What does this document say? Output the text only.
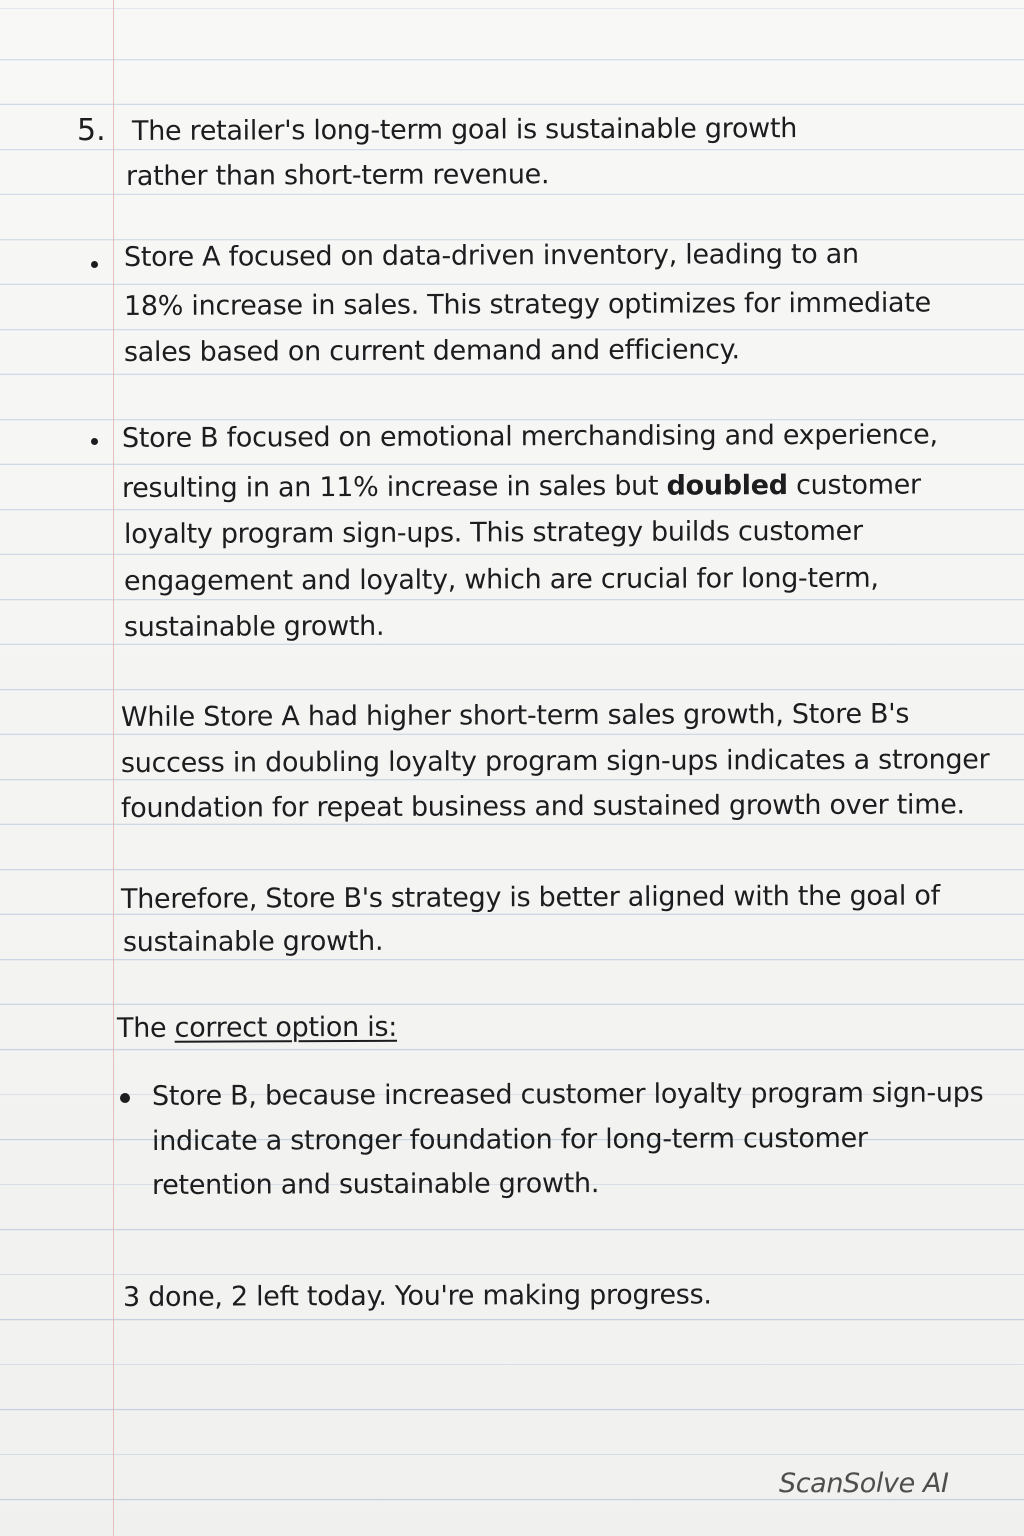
5. The retailer's long-term goal is sustainable growth
rather than short-term revenue.
Store A focused on data-driven inventory, leading to an
18% increase in sales. This strategy optimizes for immediate
sales based on current demand and efficiency.
Store B focused on emotional merchandising and experience,
resulting in an 11% increase in sales but doubled customer
loyalty program sign-ups. This strategy builds customer
engagement and loyalty, which are crucial for long-term,
sustainable growth.
While Store A had higher short-term sales growth, Store B's
success in doubling loyalty program sign-ups indicates a stronger
foundation for repeat business and sustained growth over time.
Therefore, Store B's strategy is better aligned with the goal of
sustainable growth.
The correct option is:
Store B, because increased customer loyalty program sign-ups
indicate a stronger foundation for long-term customer
retention and sustainable growth.
3 done, 2 left today. You're making progress.
ScanSolve AI
